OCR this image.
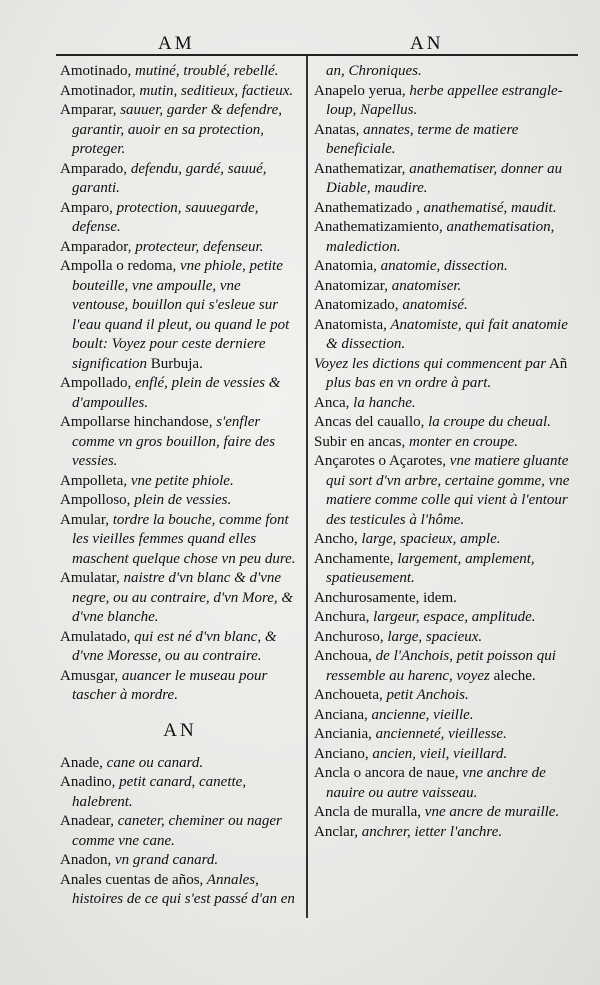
AM	AN

Amotinado, mutiné, troublé, rebellé.

Amotinador, mutin, seditieux, factieux.

Amparar, sauuer, garder & defendre, garantir, auoir en sa protection, proteger.

Amparado, defendu, gardé, sauué, garanti.

Amparo, protection, sauuegarde, defense.

Amparador, protecteur, defenseur.

Ampolla o redoma, vne phiole, petite bouteille, vne ampoulle, vne ventouse, bouillon qui s'esleue sur l'eau quand il pleut, ou quand le pot boult: Voyez pour ceste derniere signification Burbuja.

Ampollado, enflé, plein de vessies & d'ampoulles.

Ampollarse hinchandose, s'enfler comme vn gros bouillon, faire des vessies.

Ampolleta, vne petite phiole.

Ampolloso, plein de vessies.

Amular, tordre la bouche, comme font les vieilles femmes quand elles maschent quelque chose vn peu dure.

Amulatar, naistre d'vn blanc & d'vne negre, ou au contraire, d'vn More, & d'vne blanche.

Amulatado, qui est né d'vn blanc, & d'vne Moresse, ou au contraire.

Amusgar, auancer le museau pour tascher à mordre.

AN

Anade, cane ou canard.

Anadino, petit canard, canette, halebrent.

Anadear, caneter, cheminer ou nager comme vne cane.

Anadon, vn grand canard.

Anales cuentas de años, Annales, histoires de ce qui s'est passé d'an en

an, Chroniques.

Anapelo yerua, herbe appellee estrangle-loup, Napellus.

Anatas, annates, terme de matiere beneficiale.

Anathematizar, anathematiser, donner au Diable, maudire.

Anathematizado , anathematisé, maudit.

Anathematizamiento, anathematisation, malediction.

Anatomia, anatomie, dissection.

Anatomizar, anatomiser.

Anatomizado, anatomisé.

Anatomista, Anatomiste, qui fait anatomie & dissection.

Voyez les dictions qui commencent par Añ plus bas en vn ordre à part.

Anca, la hanche.

Ancas del cauallo, la croupe du cheual.

Subir en ancas, monter en croupe.

Ançarotes o Açarotes, vne matiere gluante qui sort d'vn arbre, certaine gomme, vne matiere comme colle qui vient à l'entour des testicules à l'hôme.

Ancho, large, spacieux, ample.

Anchamente, largement, amplement, spatieusement.

Anchurosamente, idem.

Anchura, largeur, espace, amplitude.

Anchuroso, large, spacieux.

Anchoua, de l'Anchois, petit poisson qui ressemble au harenc, voyez aleche.

Anchoueta, petit Anchois.

Anciana, ancienne, vieille.

Anciania, ancienneté, vieillesse.

Anciano, ancien, vieil, vieillard.

Ancla o ancora de naue, vne anchre de nauire ou autre vaisseau.

Ancla de muralla, vne ancre de muraille.

Anclar, anchrer, ietter l'anchre.
